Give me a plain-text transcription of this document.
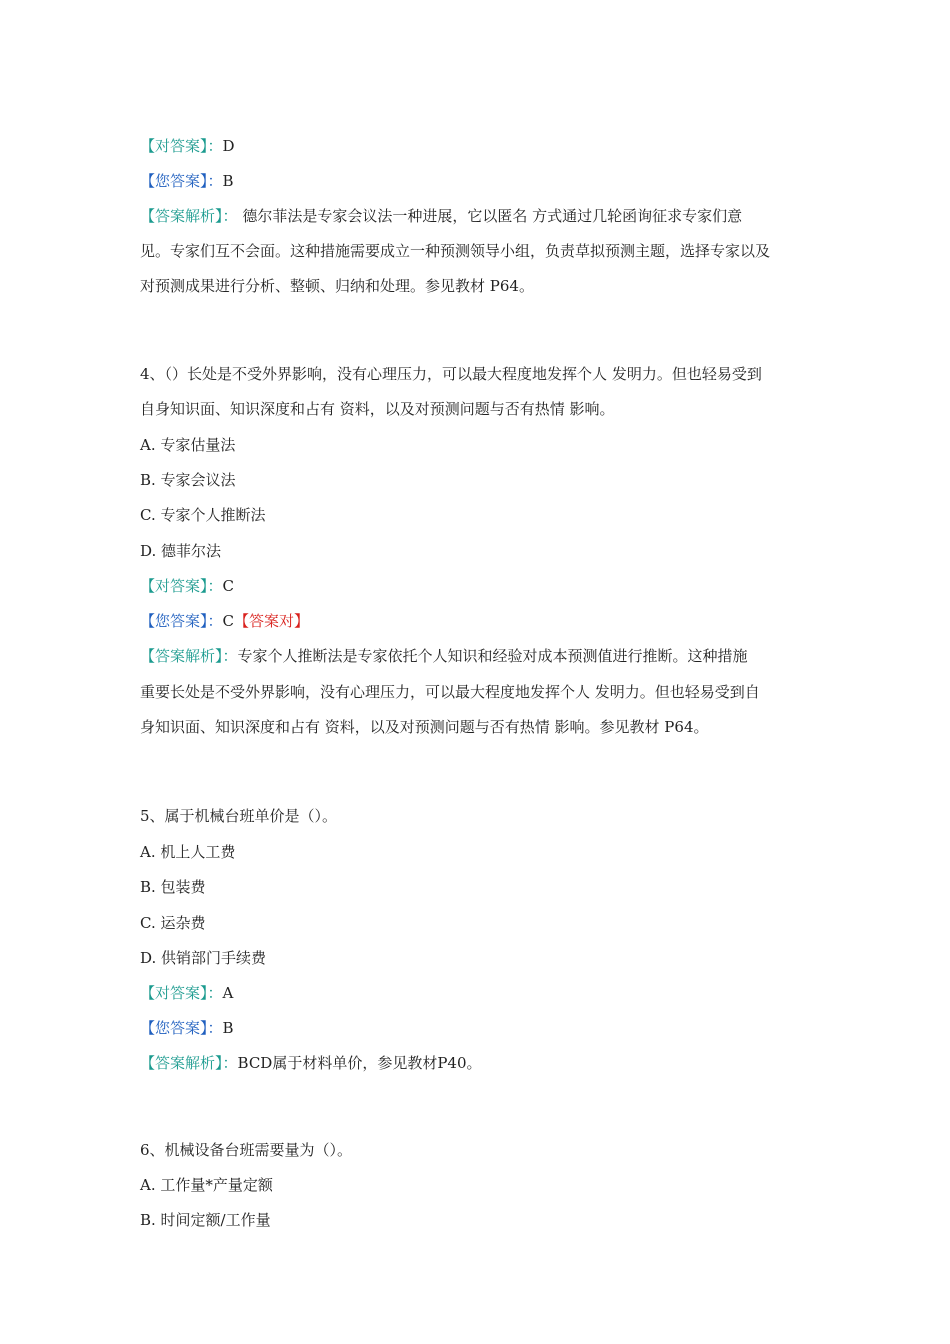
【对答案】：D
【您答案】：B
【答案解析】： 德尔菲法是专家会议法一种进展，它以匿名 方式通过几轮函询征求专家们意
见。专家们互不会面。这种措施需要成立一种预测领导小组，负责草拟预测主题，选择专家以及
对预测成果进行分析、整顿、归纳和处理。参见教材 P64。
4、（）长处是不受外界影响，没有心理压力，可以最大程度地发挥个人 发明力。但也轻易受到
自身知识面、知识深度和占有 资料，以及对预测问题与否有热情 影响。
A. 专家估量法
B. 专家会议法
C. 专家个人推断法
D. 德菲尔法
【对答案】：C
【您答案】：C【答案对】
【答案解析】：专家个人推断法是专家依托个人知识和经验对成本预测值进行推断。这种措施
重要长处是不受外界影响，没有心理压力，可以最大程度地发挥个人 发明力。但也轻易受到自
身知识面、知识深度和占有 资料，以及对预测问题与否有热情 影响。参见教材 P64。
5、属于机械台班单价是（）。
A. 机上人工费
B. 包装费
C. 运杂费
D. 供销部门手续费
【对答案】：A
【您答案】：B
【答案解析】：BCD属于材料单价，参见教材P40。
6、机械设备台班需要量为（）。
A. 工作量*产量定额
B. 时间定额/工作量
